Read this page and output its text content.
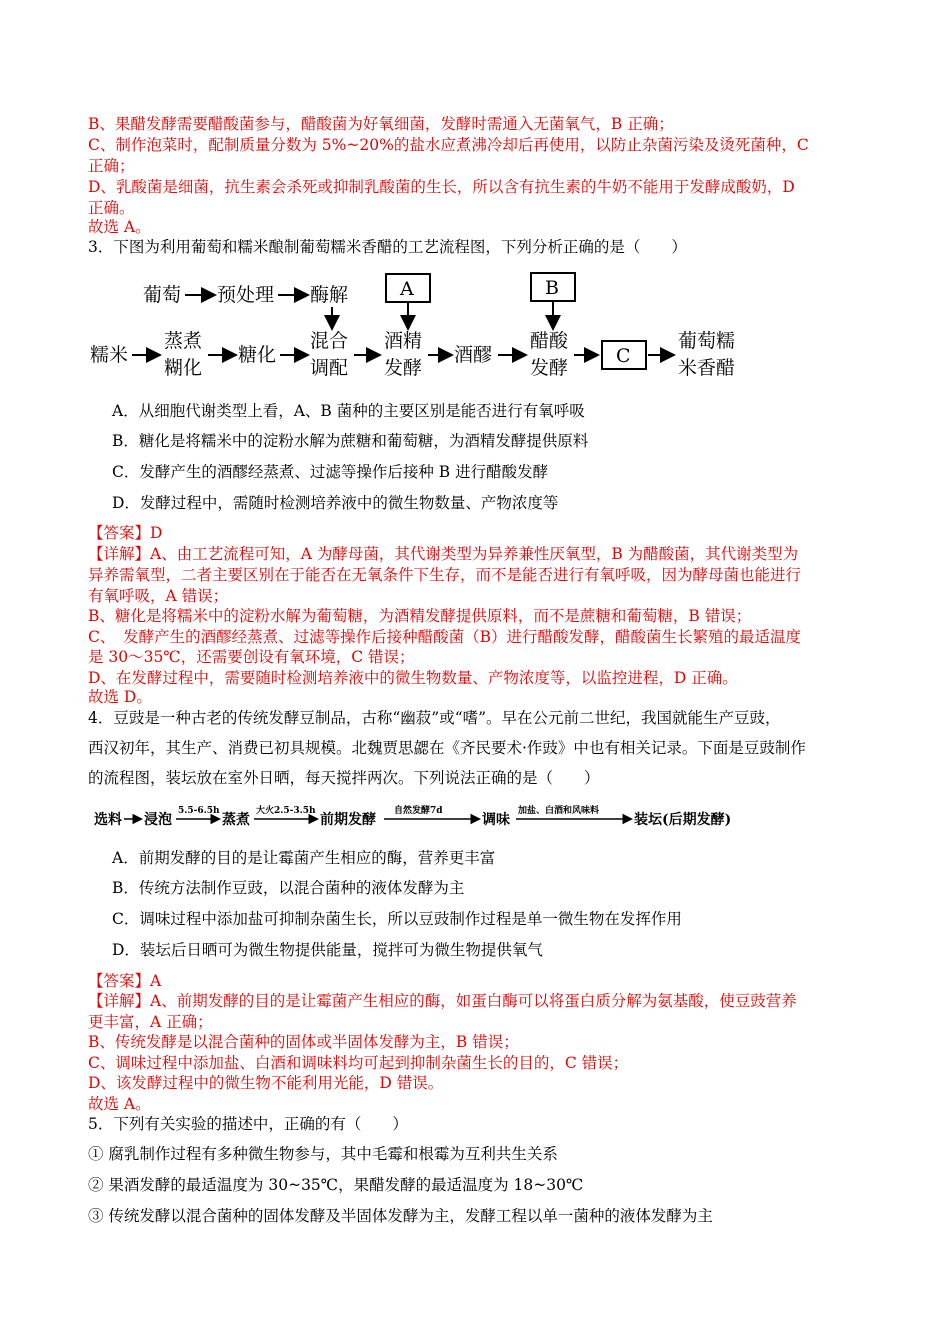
B、果醋发酵需要醋酸菌参与，醋酸菌为好氧细菌，发酵时需通入无菌氧气，B 正确；
C、制作泡菜时，配制质量分数为 5%~20%的盐水应煮沸冷却后再使用，以防止杂菌污染及烫死菌种，C
正确；
D、乳酸菌是细菌，抗生素会杀死或抑制乳酸菌的生长，所以含有抗生素的牛奶不能用于发酵成酸奶，D
正确。
故选 A。
3．下图为利用葡萄和糯米酿制葡萄糯米香醋的工艺流程图，下列分析正确的是（　　）
葡萄 预处理 酶解	A	B
糯米
蒸煮
糊化
糖化
混合
调配
酒精
发酵
酒醪
醋酸
发酵
C
葡萄糯
米香醋
A．从细胞代谢类型上看，A、B 菌种的主要区别是能否进行有氧呼吸
B．糖化是将糯米中的淀粉水解为蔗糖和葡萄糖，为酒精发酵提供原料
C．发酵产生的酒醪经蒸煮、过滤等操作后接种 B 进行醋酸发酵
D．发酵过程中，需随时检测培养液中的微生物数量、产物浓度等
【答案】D
【详解】A、由工艺流程可知，A 为酵母菌，其代谢类型为异养兼性厌氧型，B 为醋酸菌，其代谢类型为
异养需氧型，二者主要区别在于能否在无氧条件下生存，而不是能否进行有氧呼吸，因为酵母菌也能进行
有氧呼吸，A 错误；
B、糖化是将糯米中的淀粉水解为葡萄糖，为酒精发酵提供原料，而不是蔗糖和葡萄糖，B 错误；
C、　发酵产生的酒醪经蒸煮、过滤等操作后接种醋酸菌（B）进行醋酸发酵，醋酸菌生长繁殖的最适温度
是 30～35℃，还需要创设有氧环境，C 错误；
D、在发酵过程中，需要随时检测培养液中的微生物数量、产物浓度等，以监控进程，D 正确。
故选 D。
4．豆豉是一种古老的传统发酵豆制品，古称“幽菽”或“嗜”。早在公元前二世纪，我国就能生产豆豉，
西汉初年，其生产、消费已初具规模。北魏贾思勰在《齐民要术·作豉》中也有相关记录。下面是豆豉制作
的流程图，装坛放在室外日晒，每天搅拌两次。下列说法正确的是（　　）
选料 浸泡
5.5-6.5h
蒸煮
大火2.5-3.5h
前期发酵
自然发酵7d
调味
加盐、白酒和风味料
装坛(后期发酵)
A．前期发酵的目的是让霉菌产生相应的酶，营养更丰富
B．传统方法制作豆豉，以混合菌种的液体发酵为主
C．调味过程中添加盐可抑制杂菌生长，所以豆豉制作过程是单一微生物在发挥作用
D．装坛后日晒可为微生物提供能量，搅拌可为微生物提供氧气
【答案】A
【详解】A、前期发酵的目的是让霉菌产生相应的酶，如蛋白酶可以将蛋白质分解为氨基酸，使豆豉营养
更丰富，A 正确；
B、传统发酵是以混合菌种的固体或半固体发酵为主，B 错误；
C、调味过程中添加盐、白酒和调味料均可起到抑制杂菌生长的目的，C 错误；
D、该发酵过程中的微生物不能利用光能，D 错误。
故选 A。
5．下列有关实验的描述中，正确的有（　　）
① 腐乳制作过程有多种微生物参与，其中毛霉和根霉为互利共生关系
② 果酒发酵的最适温度为 30~35℃，果醋发酵的最适温度为 18~30℃
③ 传统发酵以混合菌种的固体发酵及半固体发酵为主，发酵工程以单一菌种的液体发酵为主
